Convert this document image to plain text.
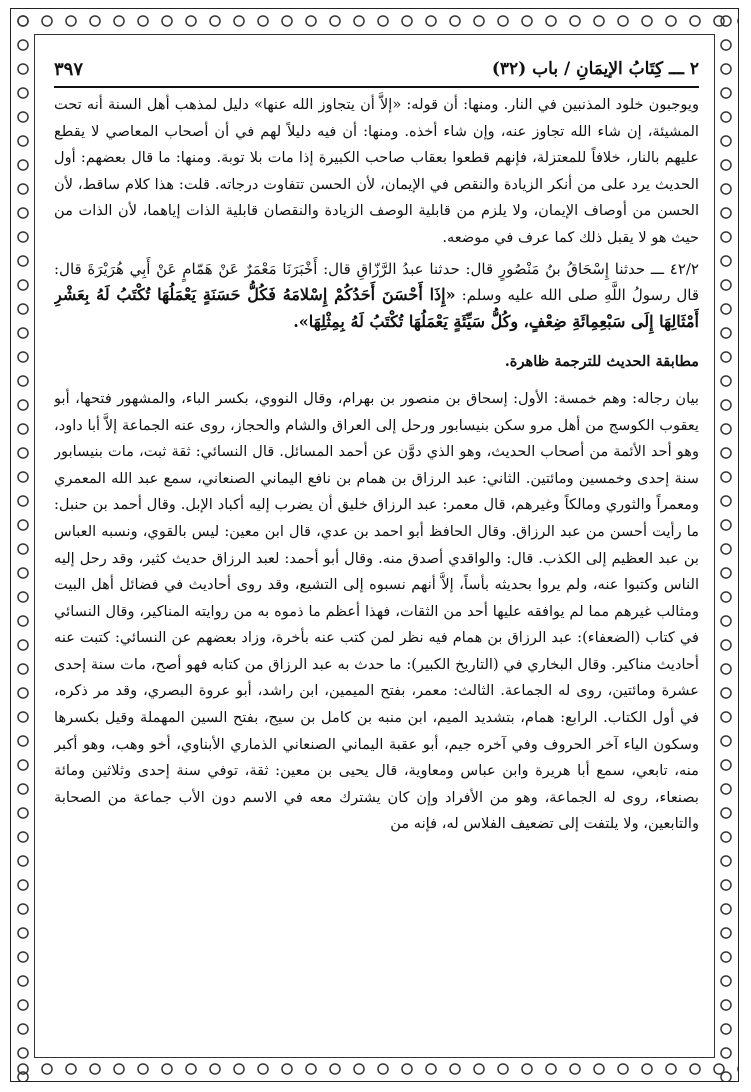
٢ ـــ كِتَابُ الإيمَانِ / باب (٣٢)
٣٩٧

ويوجبون خلود المذنبين في النار. ومنها: أن قوله: «إلاَّ أن يتجاوز الله عنها» دليل لمذهب أهل السنة أنه تحت المشيئة، إن شاء الله تجاوز عنه، وإن شاء أخذه. ومنها: أن فيه دليلاً لهم في أن أصحاب المعاصي لا يقطع عليهم بالنار، خلافاً للمعتزلة، فإنهم قطعوا بعقاب صاحب الكبيرة إذا مات بلا توبة. ومنها: ما قال بعضهم: أول الحديث يرد على من أنكر الزيادة والنقص في الإيمان، لأن الحسن تتفاوت درجاته. قلت: هذا كلام ساقط، لأن الحسن من أوصاف الإيمان، ولا يلزم من قابلية الوصف الزيادة والنقصان قابلية الذات إياهما، لأن الذات من حيث هو لا يقبل ذلك كما عرف في موضعه.

٤٢/٢ ـــ حدثنا إِسْحَاقُ بنُ مَنْصُورٍ قال: حدثنا عبدُ الرَّزّاقِ قال: أَخْبَرَنَا مَعْمَرٌ عَنْ هَمّامٍ عَنْ أَبِي هُرَيْرَةَ قال: قال رسولُ اللَّهِ صلى الله عليه وسلم: «إِذَا أَحْسَنَ أَحَدُكُمْ إِسْلامَهُ فَكُلُّ حَسَنَةٍ يَعْمَلُهَا تُكْتَبُ لَهُ بِعَشْرِ أَمْثَالِهَا إِلَى سَبْعِمِائَةِ ضِعْفٍ، وكُلُّ سَيِّئَةٍ يَعْمَلُهَا تُكْتَبُ لَهُ بِمِثْلِهَا».

مطابقة الحديث للترجمة ظاهرة.

بيان رجاله: وهم خمسة: الأول: إسحاق بن منصور بن بهرام، وقال النووي، بكسر الباء، والمشهور فتحها، أبو يعقوب الكوسج من أهل مرو سكن بنيسابور ورحل إلى العراق والشام والحجاز، روى عنه الجماعة إلاَّ أبا داود، وهو أحد الأئمة من أصحاب الحديث، وهو الذي دوَّن عن أحمد المسائل. قال النسائي: ثقة ثبت، مات بنيسابور سنة إحدى وخمسين ومائتين. الثاني: عبد الرزاق بن همام بن نافع اليماني الصنعاني، سمع عبد الله المعمري ومعمراً والثوري ومالكاً وغيرهم، قال معمر: عبد الرزاق خليق أن يضرب إليه أكباد الإبل. وقال أحمد بن حنبل: ما رأيت أحسن من عبد الرزاق. وقال الحافظ أبو احمد بن عدي، قال ابن معين: ليس بالقوي، ونسبه العباس بن عبد العظيم إلى الكذب. قال: والواقدي أصدق منه. وقال أبو أحمد: لعبد الرزاق حديث كثير، وقد رحل إليه الناس وكتبوا عنه، ولم يروا بحديثه بأساً، إلاَّ أنهم نسبوه إلى التشيع، وقد روى أحاديث في فضائل أهل البيت ومثالب غيرهم مما لم يوافقه عليها أحد من الثقات، فهذا أعظم ما ذموه به من روايته المناكير، وقال النسائي في كتاب (الضعفاء): عبد الرزاق بن همام فيه نظر لمن كتب عنه بأخرة، وزاد بعضهم عن النسائي: كتبت عنه أحاديث مناكير. وقال البخاري في (التاريخ الكبير): ما حدث به عبد الرزاق من كتابه فهو أصح، مات سنة إحدى عشرة ومائتين، روى له الجماعة. الثالث: معمر، بفتح الميمين، ابن راشد، أبو عروة البصري، وقد مر ذكره، في أول الكتاب. الرابع: همام، بتشديد الميم، ابن منبه بن كامل بن سيج، بفتح السين المهملة وقيل بكسرها وسكون الياء آخر الحروف وفي آخره جيم، أبو عقبة اليماني الصنعاني الذماري الأبناوي، أخو وهب، وهو أكبر منه، تابعي، سمع أبا هريرة وابن عباس ومعاوية، قال يحيى بن معين: ثقة، توفي سنة إحدى وثلاثين ومائة بصنعاء، روى له الجماعة، وهو من الأفراد وإن كان يشترك معه في الاسم دون الأب جماعة من الصحابة والتابعين، ولا يلتفت إلى تضعيف الفلاس له، فإنه من
